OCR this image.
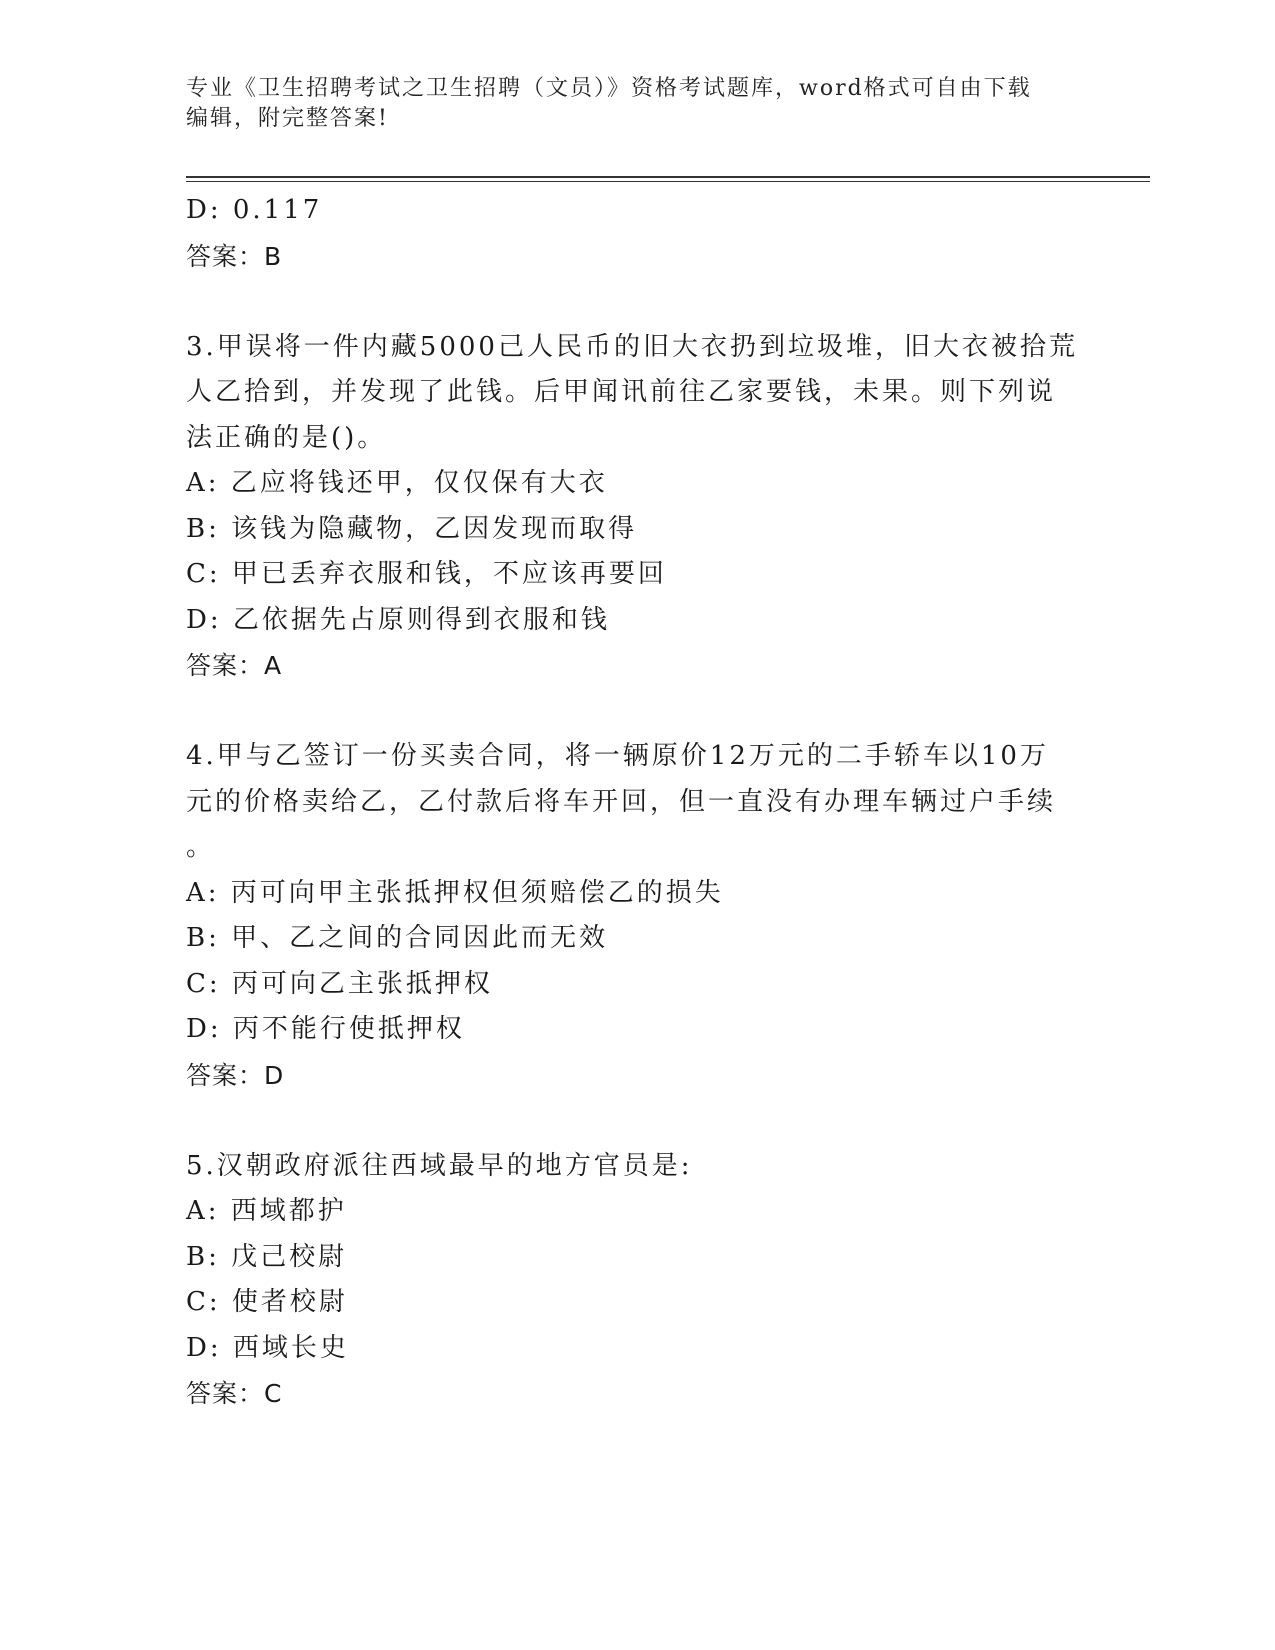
专业《卫生招聘考试之卫生招聘（文员）》资格考试题库，word格式可自由下载
编辑，附完整答案!
D: 0.117
答案：B
3.甲误将一件内藏5000己人民币的旧大衣扔到垃圾堆，旧大衣被拾荒
人乙拾到，并发现了此钱。后甲闻讯前往乙家要钱，未果。则下列说
法正确的是()。
A: 乙应将钱还甲，仅仅保有大衣
B: 该钱为隐藏物，乙因发现而取得
C: 甲已丢弃衣服和钱，不应该再要回
D: 乙依据先占原则得到衣服和钱
答案：A
4.甲与乙签订一份买卖合同，将一辆原价12万元的二手轿车以10万
元的价格卖给乙，乙付款后将车开回，但一直没有办理车辆过户手续
。
A: 丙可向甲主张抵押权但须赔偿乙的损失
B: 甲、乙之间的合同因此而无效
C: 丙可向乙主张抵押权
D: 丙不能行使抵押权
答案：D
5.汉朝政府派往西域最早的地方官员是:
A: 西域都护
B: 戊己校尉
C: 使者校尉
D: 西域长史
答案：C
